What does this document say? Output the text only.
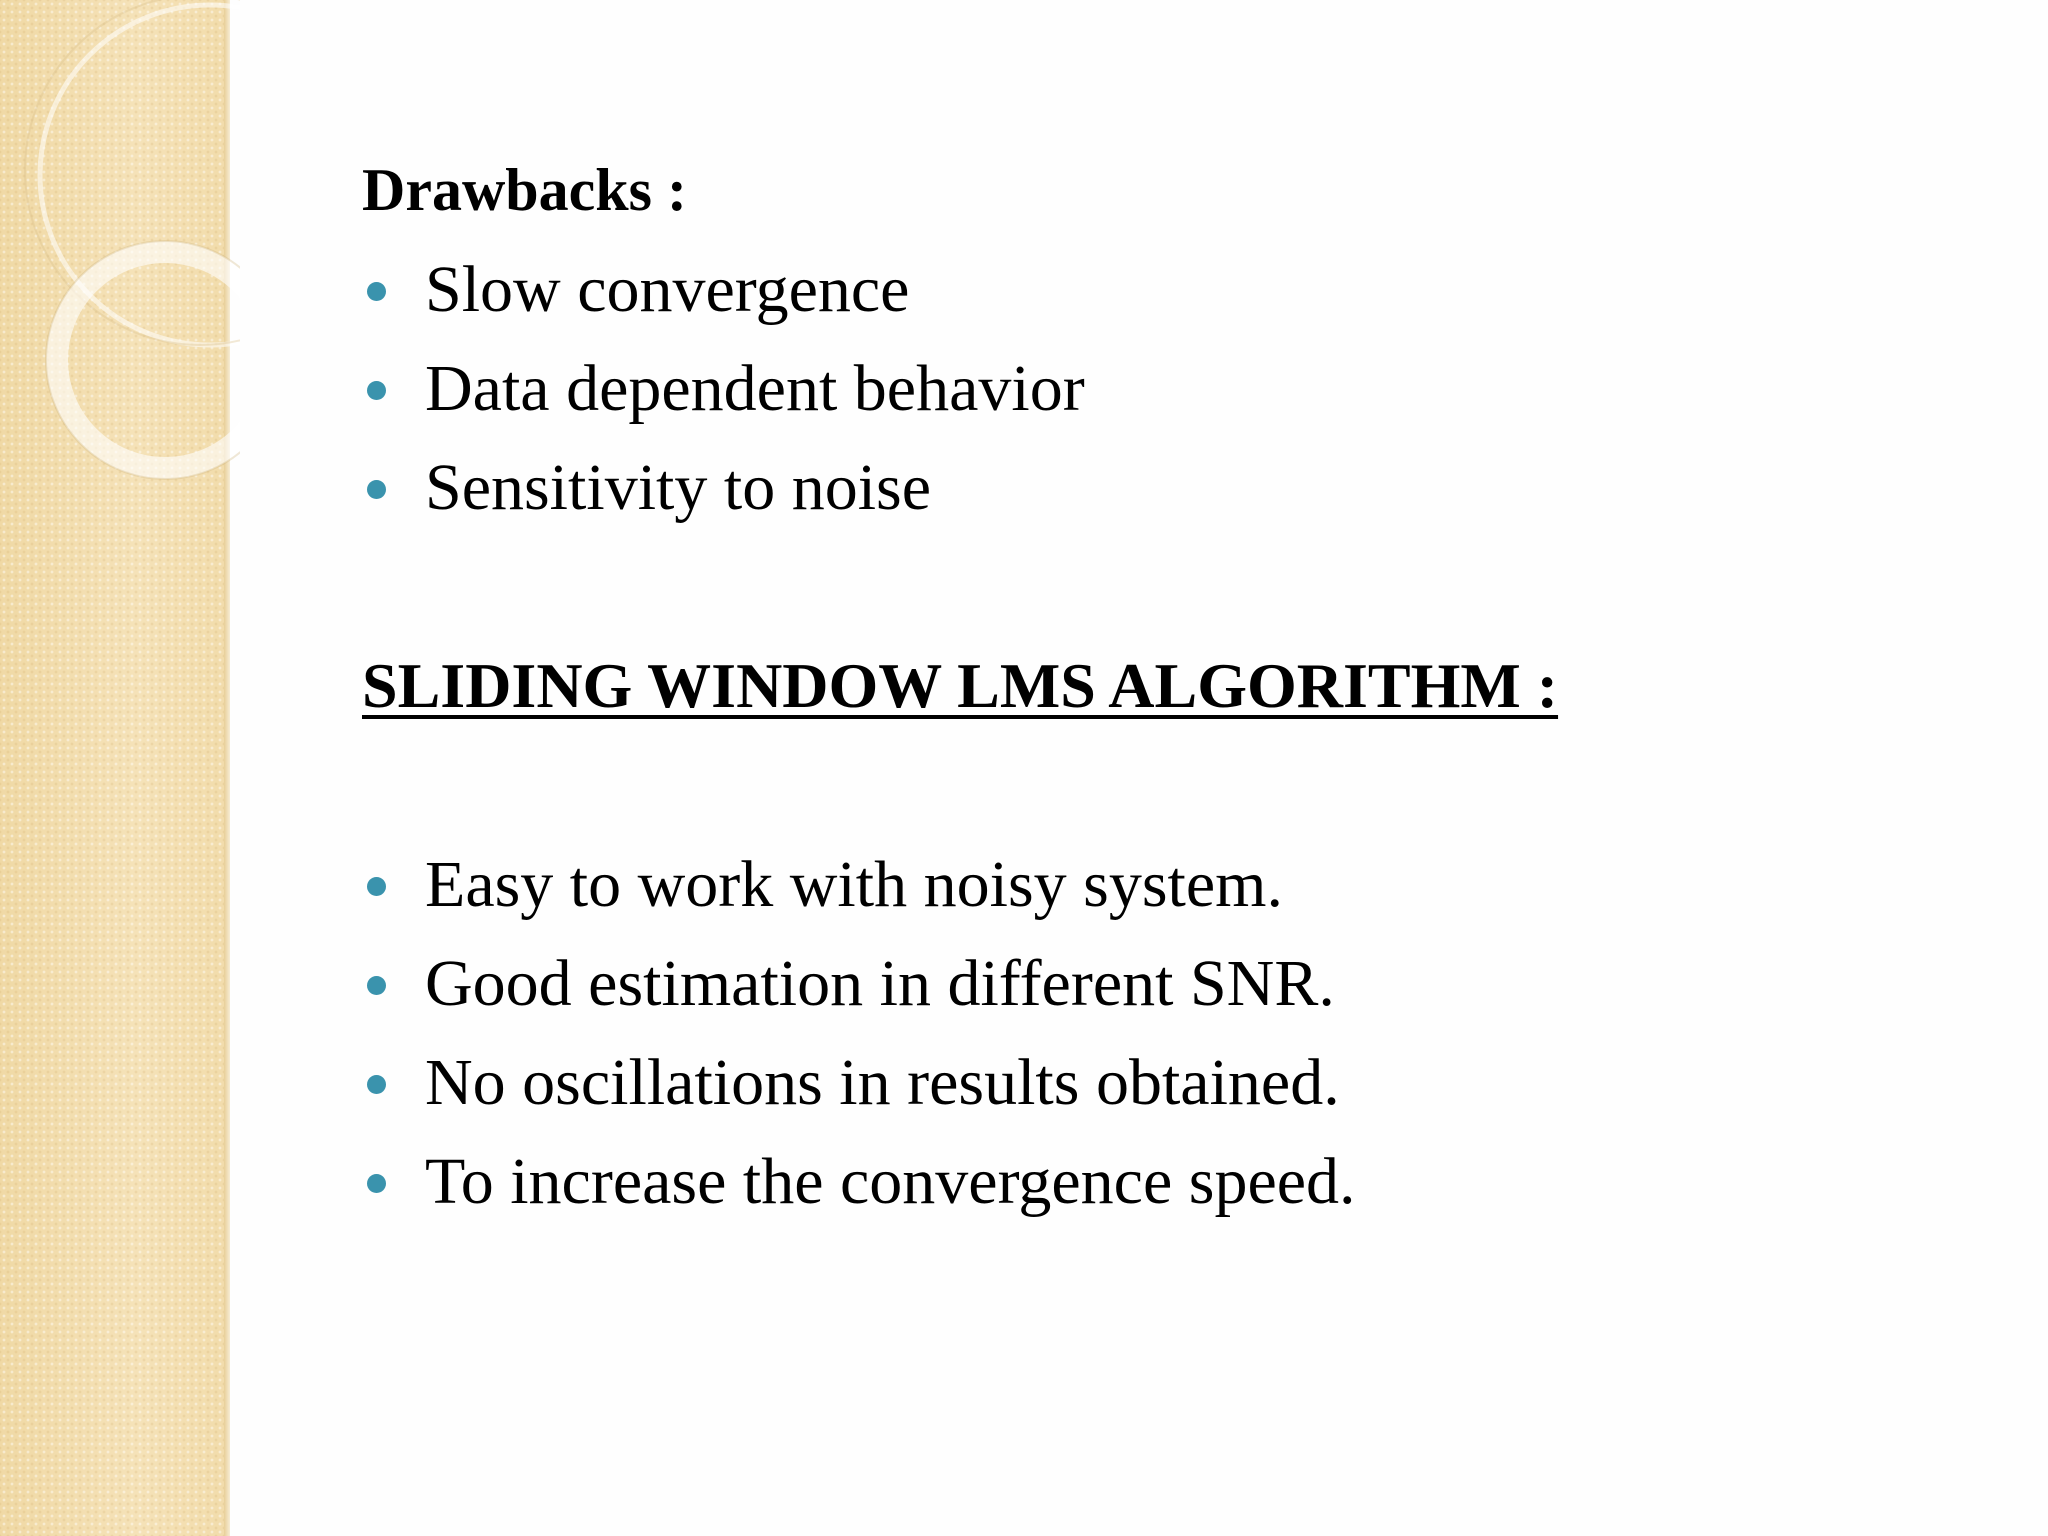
Drawbacks :
Slow convergence
Data dependent behavior
Sensitivity to noise
SLIDING WINDOW LMS ALGORITHM :
Easy to work with noisy system.
Good estimation in different SNR.
No oscillations in results obtained.
To increase the convergence speed.
